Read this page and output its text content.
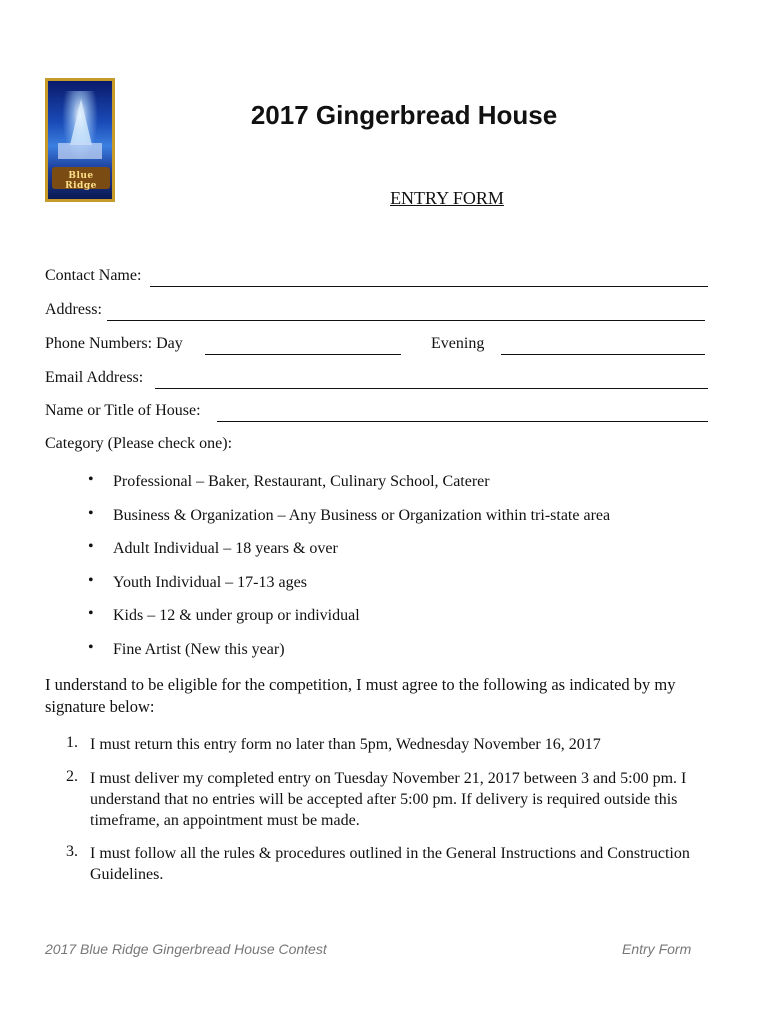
Blue Ridge
2017 Gingerbread House
ENTRY FORM
Contact Name:
Address:
Phone Numbers: Day	Evening
Email Address:
Name or Title of House:
Category (Please check one):
• Professional – Baker, Restaurant, Culinary School, Caterer
• Business & Organization – Any Business or Organization within tri-state area
• Adult Individual – 18 years & over
• Youth Individual – 17-13 ages
• Kids – 12 & under group or individual
• Fine Artist (New this year)
I understand to be eligible for the competition, I must agree to the following as indicated by my signature below:
1. I must return this entry form no later than 5pm, Wednesday November 16, 2017
2. I must deliver my completed entry on Tuesday November 21, 2017 between 3 and 5:00 pm. I understand that no entries will be accepted after 5:00 pm. If delivery is required outside this timeframe, an appointment must be made.
3. I must follow all the rules & procedures outlined in the General Instructions and Construction Guidelines.
2017 Blue Ridge Gingerbread House Contest	Entry Form
